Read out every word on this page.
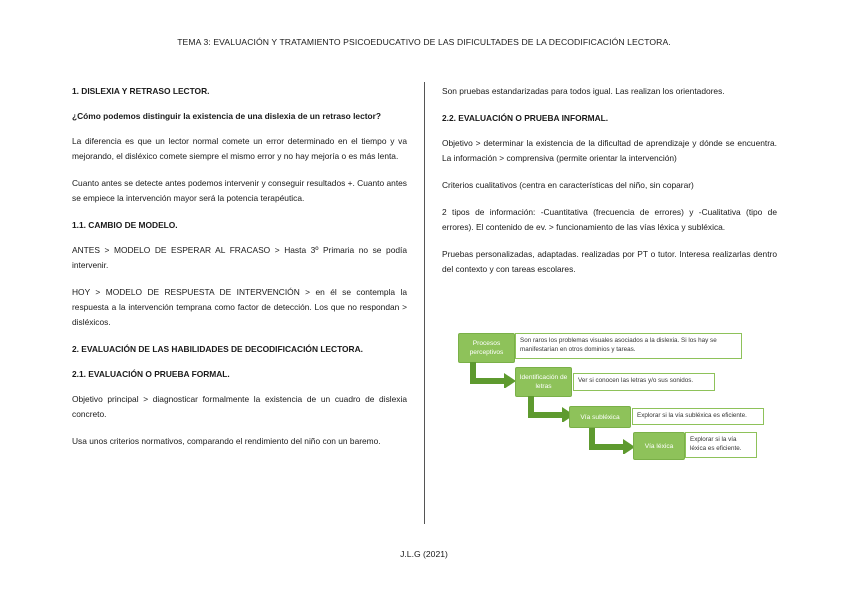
TEMA 3: EVALUACIÓN Y TRATAMIENTO PSICOEDUCATIVO DE LAS DIFICULTADES DE LA DECODIFICACIÓN LECTORA.

1. DISLEXIA Y RETRASO LECTOR.

¿Cómo podemos distinguir la existencia de una dislexia de un retraso lector?

La diferencia es que un lector normal comete un error determinado en el tiempo y va mejorando, el disléxico comete siempre el mismo error y no hay mejoría o es más lenta.

Cuanto antes se detecte antes podemos intervenir y conseguir resultados +. Cuanto antes se empiece la intervención mayor será la potencia terapéutica.

1.1. CAMBIO DE MODELO.

ANTES > MODELO DE ESPERAR AL FRACASO > Hasta 3º Primaria no se podía intervenir.

HOY > MODELO DE RESPUESTA DE INTERVENCIÓN > en él se contempla la respuesta a la intervención temprana como factor de detección. Los que no respondan > disléxicos.

2. EVALUACIÓN DE LAS HABILIDADES DE DECODIFICACIÓN LECTORA.

2.1. EVALUACIÓN O PRUEBA FORMAL.

Objetivo principal > diagnosticar formalmente la existencia de un cuadro de dislexia concreto.

Usa unos criterios normativos, comparando el rendimiento del niño con un baremo.

Son pruebas estandarizadas para todos igual. Las realizan los orientadores.

2.2. EVALUACIÓN O PRUEBA INFORMAL.

Objetivo > determinar la existencia de la dificultad de aprendizaje y dónde se encuentra. La información > comprensiva (permite orientar la intervención)

Criterios cualitativos (centra en características del niño, sin coparar)

2 tipos de información: -Cuantitativa (frecuencia de errores) y -Cualitativa (tipo de errores). El contenido de ev. > funcionamiento de las vías léxica y subléxica.

Pruebas personalizadas, adaptadas. realizadas por PT o tutor. Interesa realizarlas dentro del contexto y con tareas escolares.

Procesos perceptivos
Son raros los problemas visuales asociados a la dislexia. Si los hay se manifestarían en otros dominios y tareas.
Identificación de letras
Ver si conocen las letras y/o sus sonidos.
Vía subléxica	Explorar si la vía subléxica es eficiente.
Vía léxica
Explorar si la vía léxica es eficiente.
J.L.G (2021)
